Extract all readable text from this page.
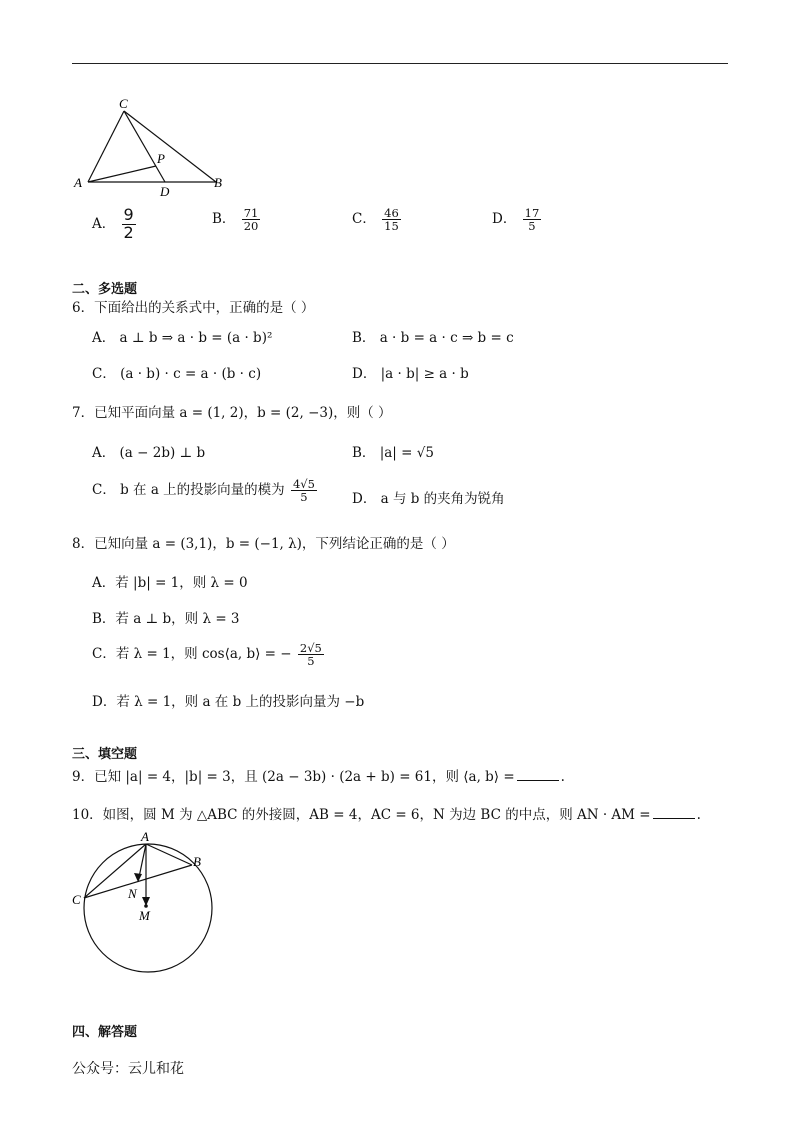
C
P
A
D
B
A． $\frac{9}{2}$	B． $\frac{71}{20}$	C． $\frac{46}{15}$	D． $\frac{17}{5}$
二、多选题
6．下面给出的关系式中，正确的是（ ）
A． a ⊥ b ⇒ a · b = (a · b)²	B． a · b = a · c ⇒ b = c
C． (a · b) · c = a · (b · c)	D． |a · b| ≥ a · b
7．已知平面向量 a = (1, 2)，b = (2, −3)，则（ ）
A． (a − 2b) ⊥ b	B． |a| = √5
C． b 在 a 上的投影向量的模为 $\frac{4√5}{5}$	D． a 与 b 的夹角为锐角
8．已知向量 a = (3,1)，b = (−1, λ)，下列结论正确的是（ ）
A．若 |b| = 1，则 λ = 0
B．若 a ⊥ b，则 λ = 3
C．若 λ = 1，则 cos⟨a, b⟩ = − $\frac{2√5}{5}$
D．若 λ = 1，则 a 在 b 上的投影向量为 −b
三、填空题
9．已知 |a| = 4，|b| = 3，且 (2a − 3b) · (2a + b) = 61，则 ⟨a, b⟩ =	.
10．如图，圆 M 为 △ABC 的外接圆，AB = 4，AC = 6，N 为边 BC 的中点，则 AN · AM =	.
A
B
C	N
M
四、解答题
公众号：云儿和花
